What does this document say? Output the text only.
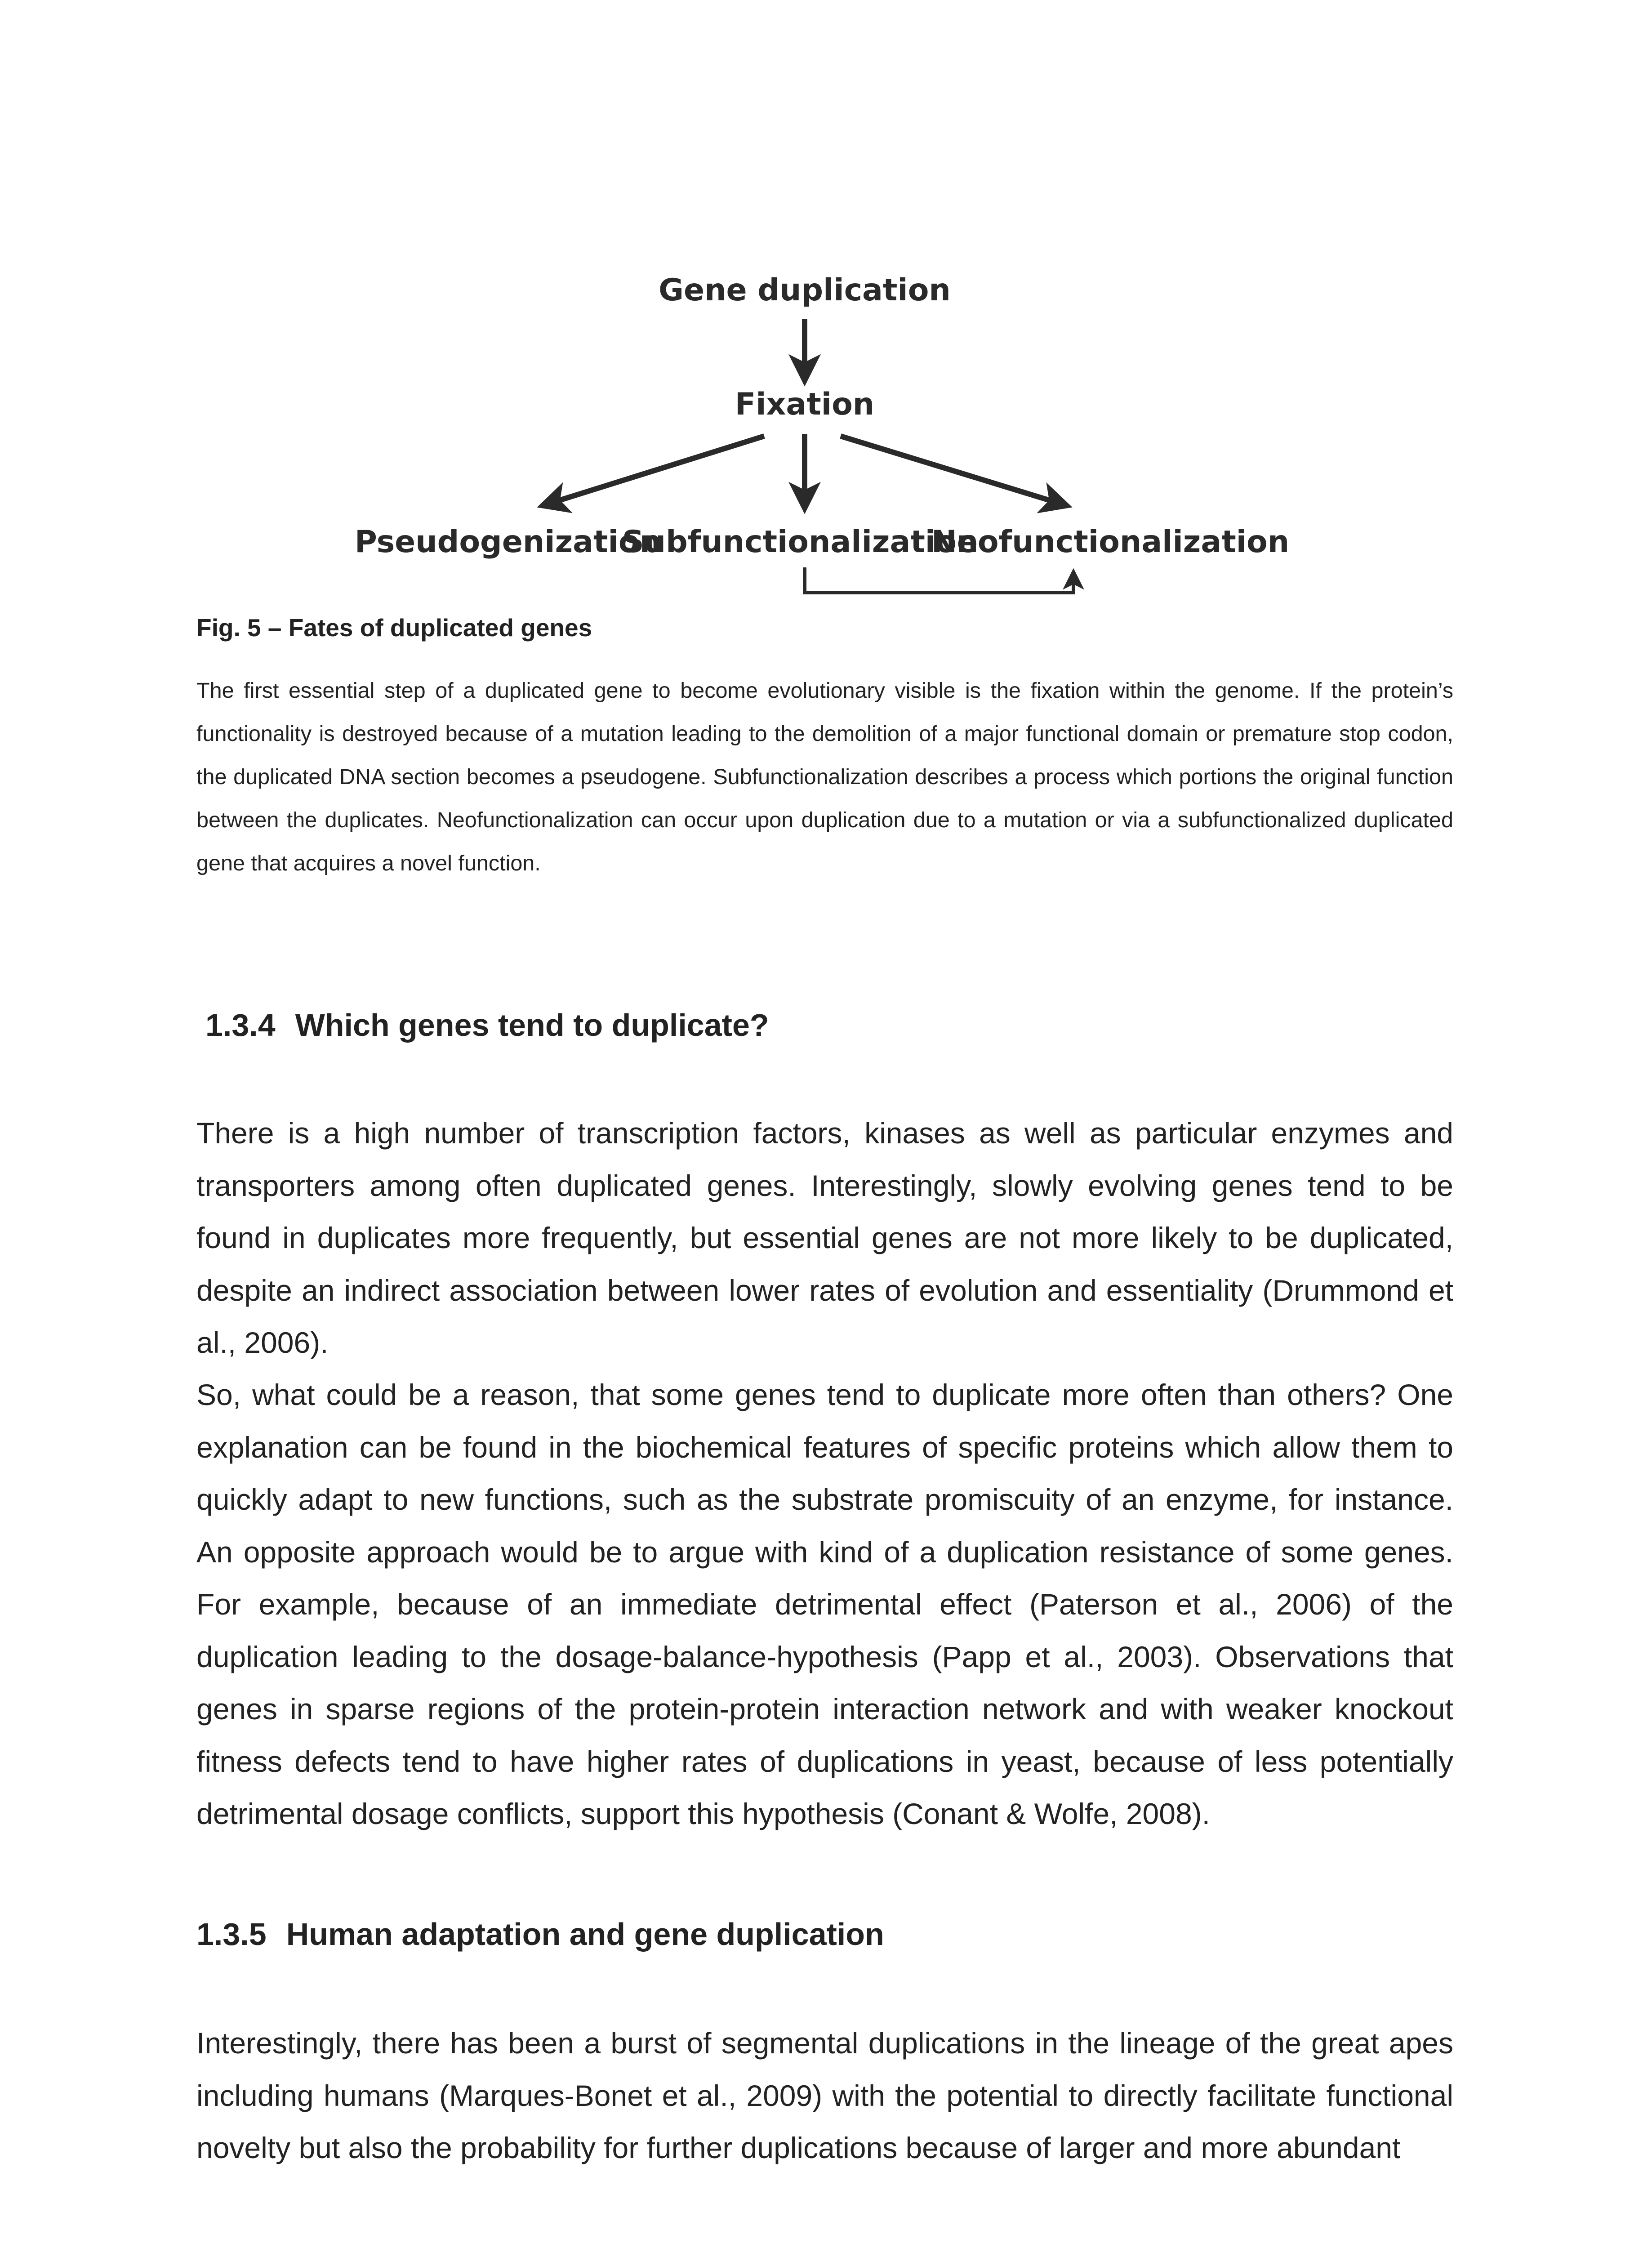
Gene duplication
Fixation
Pseudogenization
Subfunctionalization
Neofunctionalization
Fig. 5 – Fates of duplicated genes

The first essential step of a duplicated gene to become evolutionary visible is the fixation within the genome. If the protein’s functionality is destroyed because of a mutation leading to the demolition of a major functional domain or premature stop codon, the duplicated DNA section becomes a pseudogene. Subfunctionalization describes a process which portions the original function between the duplicates. Neofunctionalization can occur upon duplication due to a mutation or via a subfunctionalized duplicated gene that acquires a novel function.

1.3.4 Which genes tend to duplicate?

There is a high number of transcription factors, kinases as well as particular enzymes and transporters among often duplicated genes. Interestingly, slowly evolving genes tend to be found in duplicates more frequently, but essential genes are not more likely to be duplicated, despite an indirect association between lower rates of evolution and essentiality (Drummond et al., 2006).

So, what could be a reason, that some genes tend to duplicate more often than others? One explanation can be found in the biochemical features of specific proteins which allow them to quickly adapt to new functions, such as the substrate promiscuity of an enzyme, for instance. An opposite approach would be to argue with kind of a duplication resistance of some genes. For example, because of an immediate detrimental effect (Paterson et al., 2006) of the duplication leading to the dosage-balance-hypothesis (Papp et al., 2003). Observations that genes in sparse regions of the protein-protein interaction network and with weaker knockout fitness defects tend to have higher rates of duplications in yeast, because of less potentially detrimental dosage conflicts, support this hypothesis (Conant & Wolfe, 2008).

1.3.5 Human adaptation and gene duplication

Interestingly, there has been a burst of segmental duplications in the lineage of the great apes including humans (Marques-Bonet et al., 2009) with the potential to directly facilitate functional novelty but also the probability for further duplications because of larger and more abundant
